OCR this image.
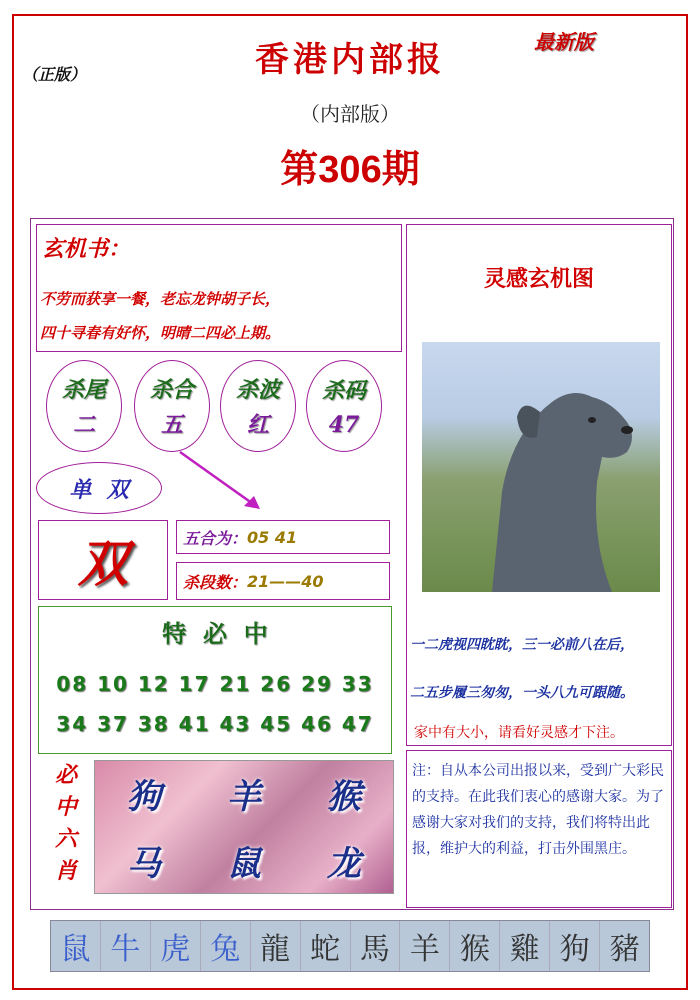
（正版）
最新版
香港内部报
（内部版）
第306期
玄机书：
不劳而获享一餐，老忘龙钟胡子长，
四十寻春有好怀，明晴二四必上期。
杀尾
二
杀合
五
杀波
红
杀码
47
单  双
双	五合为： 05 41
杀段数： 21——40
特  必  中
08 10 12 17 21 26 29 33
34 37 38 41 43 45 46 47
必
中
六
肖
狗	羊	猴
马	鼠	龙
灵感玄机图
一二虎视四眈眈，三一必前八在后，
二五步履三匆匆，一头八九可跟随。
家中有大小，请看好灵感才下注。
注：自从本公司出报以来，受到广大彩民的支持。在此我们衷心的感谢大家。为了感谢大家对我们的支持，我们将特出此报，维护大的利益，打击外围黑庄。
鼠 牛 虎 兔 龍 蛇 馬 羊 猴 雞 狗 豬
